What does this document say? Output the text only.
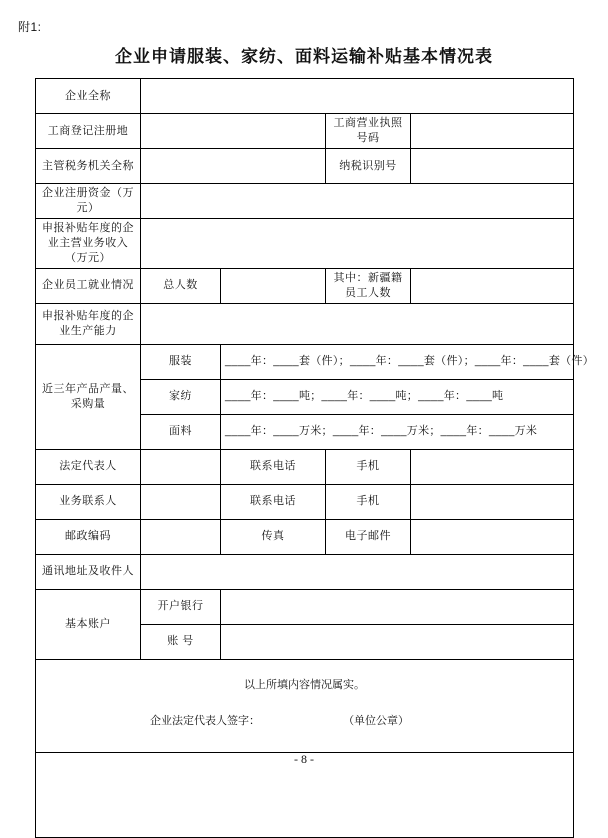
附1:
企业申请服装、家纺、面料运输补贴基本情况表
企业全称				
工商登记注册地			工商营业执照号码	
主管税务机关全称			纳税识别号	
企业注册资金（万元）				
申报补贴年度的企业主营业务收入（万元）				
企业员工就业情况	总人数		其中：新疆籍员工人数	
申报补贴年度的企业生产能力				
近三年产品产量、采购量	服装	____年：____套（件）；____年：____套（件）；____年：____套（件）		
	家纺	____年：____吨；____年：____吨；____年：____吨		
	面料	____年：____万米；____年：____万米；____年：____万米		
法定代表人		联系电话	手机	
业务联系人		联系电话	手机	
邮政编码		传真	电子邮件	
通讯地址及收件人				
基本账户	开户银行			
	账 号			

以上所填内容情况属实。
企业法定代表人签字： （单位公章）				

- 8 -
